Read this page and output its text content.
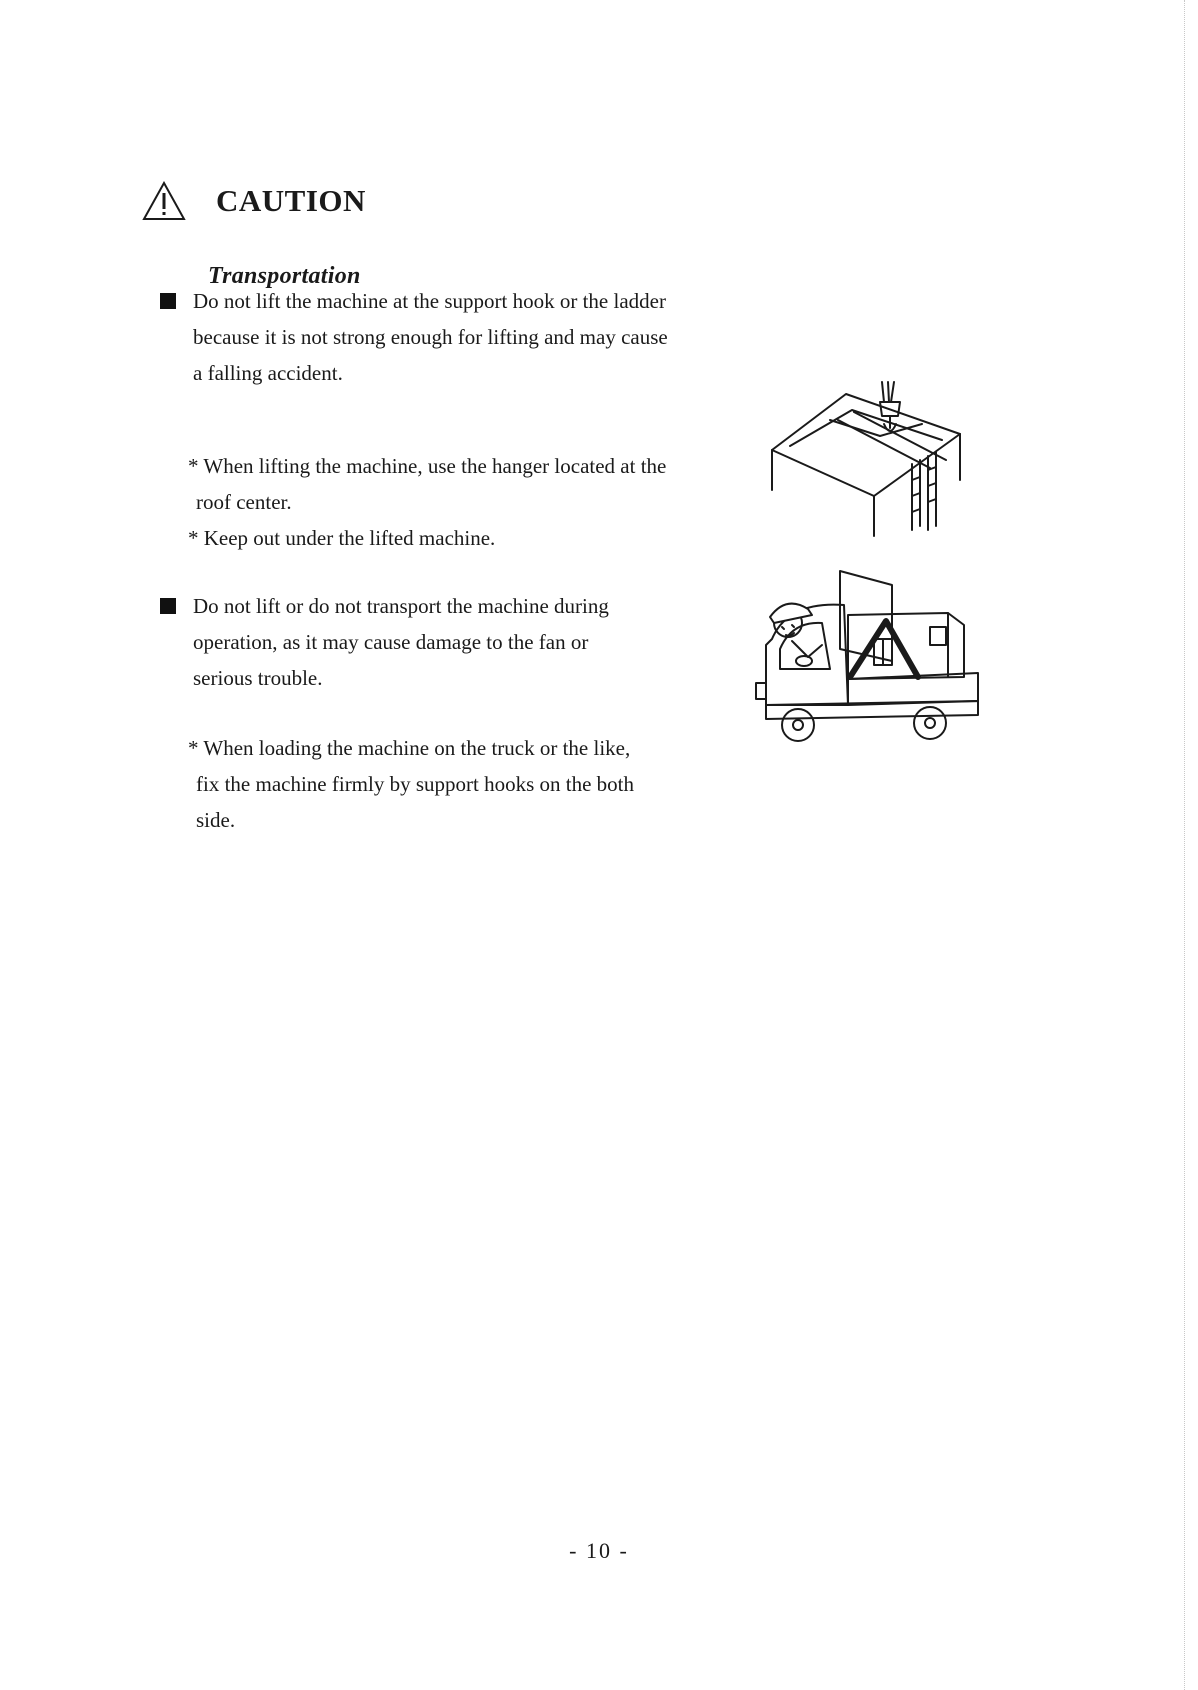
CAUTION
Transportation
Do not lift the machine at the support hook or the ladder
because it is not strong enough for lifting and may cause
a falling accident.
* When lifting the machine, use the hanger located at the
roof center.
* Keep out under the lifted machine.
Do not lift or do not transport the machine during
operation, as it may cause damage to the fan or
serious trouble.
* When loading the machine on the truck or the like,
fix the machine firmly by support hooks on the both
side.
- 10 -
